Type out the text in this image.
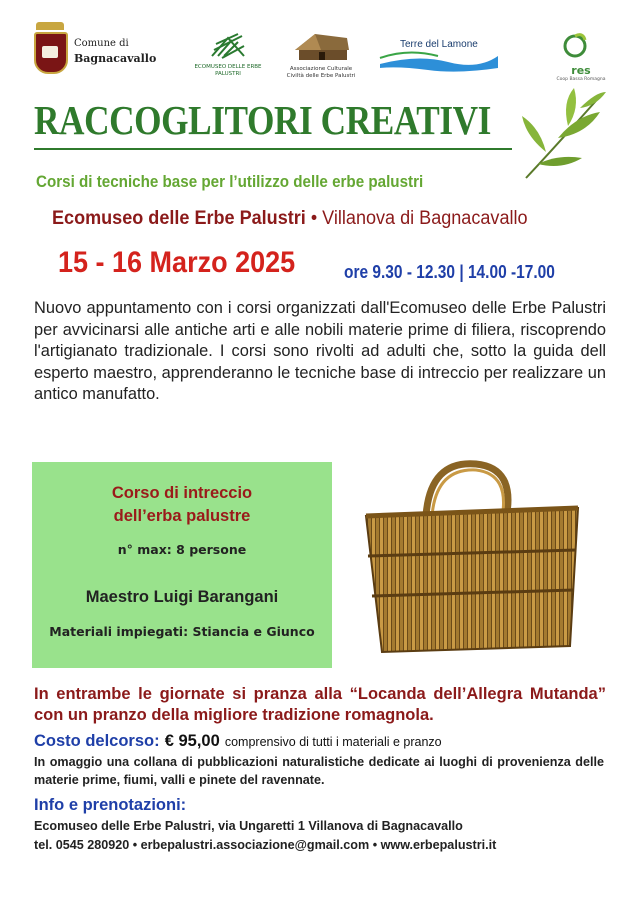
Comune di
Bagnacavallo
ECOMUSEO DELLE ERBE PALUSTRI
Associazione Culturale Civiltà delle Erbe Palustri
Terre del Lamone
res
Coop Bassa Romagna
RACCOGLITORI CREATIVI
Corsi di tecniche base per l’utilizzo delle erbe palustri
Ecomuseo delle Erbe Palustri • Villanova di Bagnacavallo
15 - 16 Marzo 2025	ore 9.30 - 12.30 | 14.00 -17.00
Nuovo appuntamento con i corsi organizzati dall'Ecomuseo delle Erbe Palustri per avvicinarsi alle antiche arti e alle nobili materie prime di filiera, riscoprendo l'artigianato tradizionale. I corsi sono rivolti ad adulti che, sotto la guida dell esperto maestro, apprenderanno le tecniche base di intreccio per realizzare un antico manufatto.
Corso di intreccio
dell’erba palustre
n° max: 8 persone
Maestro Luigi Barangani
Materiali impiegati: Stiancia e Giunco
In entrambe le giornate si pranza alla “Locanda dell’Allegra Mutanda” con un pranzo della migliore tradizione romagnola.
Costo delcorso: € 95,00 comprensivo di tutti i materiali e pranzo
In omaggio una collana di pubblicazioni naturalistiche dedicate ai luoghi di provenienza delle materie prime, fiumi, valli e pinete del ravennate.
Info e prenotazioni:
Ecomuseo delle Erbe Palustri, via Ungaretti 1 Villanova di Bagnacavallo
tel. 0545 280920 • erbepalustri.associazione@gmail.com • www.erbepalustri.it
